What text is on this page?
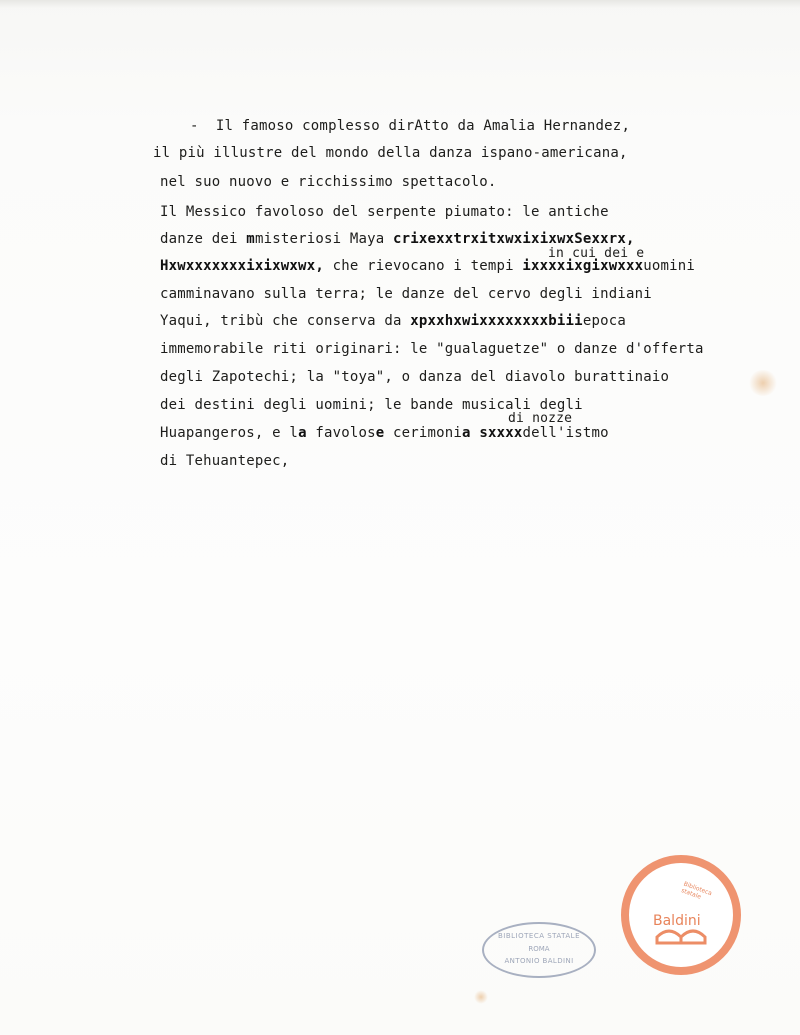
-  Il famoso complesso dirAtto da Amalia Hernandez,

il più illustre del mondo della danza ispano-americana,

nel suo nuovo e ricchissimo spettacolo.

Il Messico favoloso del serpente piumato: le antiche

danze dei mmisteriosi Maya crixexxtrxitxwxixixwxSexxrx,

in cui dei e

Hxwxxxxxxxixixwxwx, che rievocano i tempi ixxxxixgixwxxxuomini

camminavano sulla terra; le danze del cervo degli indiani

Yaqui, tribù che conserva da xpxxhxwixxxxxxxxbiiiepoca

immemorabile riti originari: le "gualaguetze" o danze d'offerta

degli Zapotechi; la "toya", o danza del diavolo burattinaio

dei destini degli uomini; le bande musicali degli

di nozze

Huapangeros, e la favolose cerimonia sxxxxdell'istmo

di Tehuantepec,

BIBLIOTECA STATALE
ROMA
ANTONIO BALDINI
Biblioteca statale
Baldini
